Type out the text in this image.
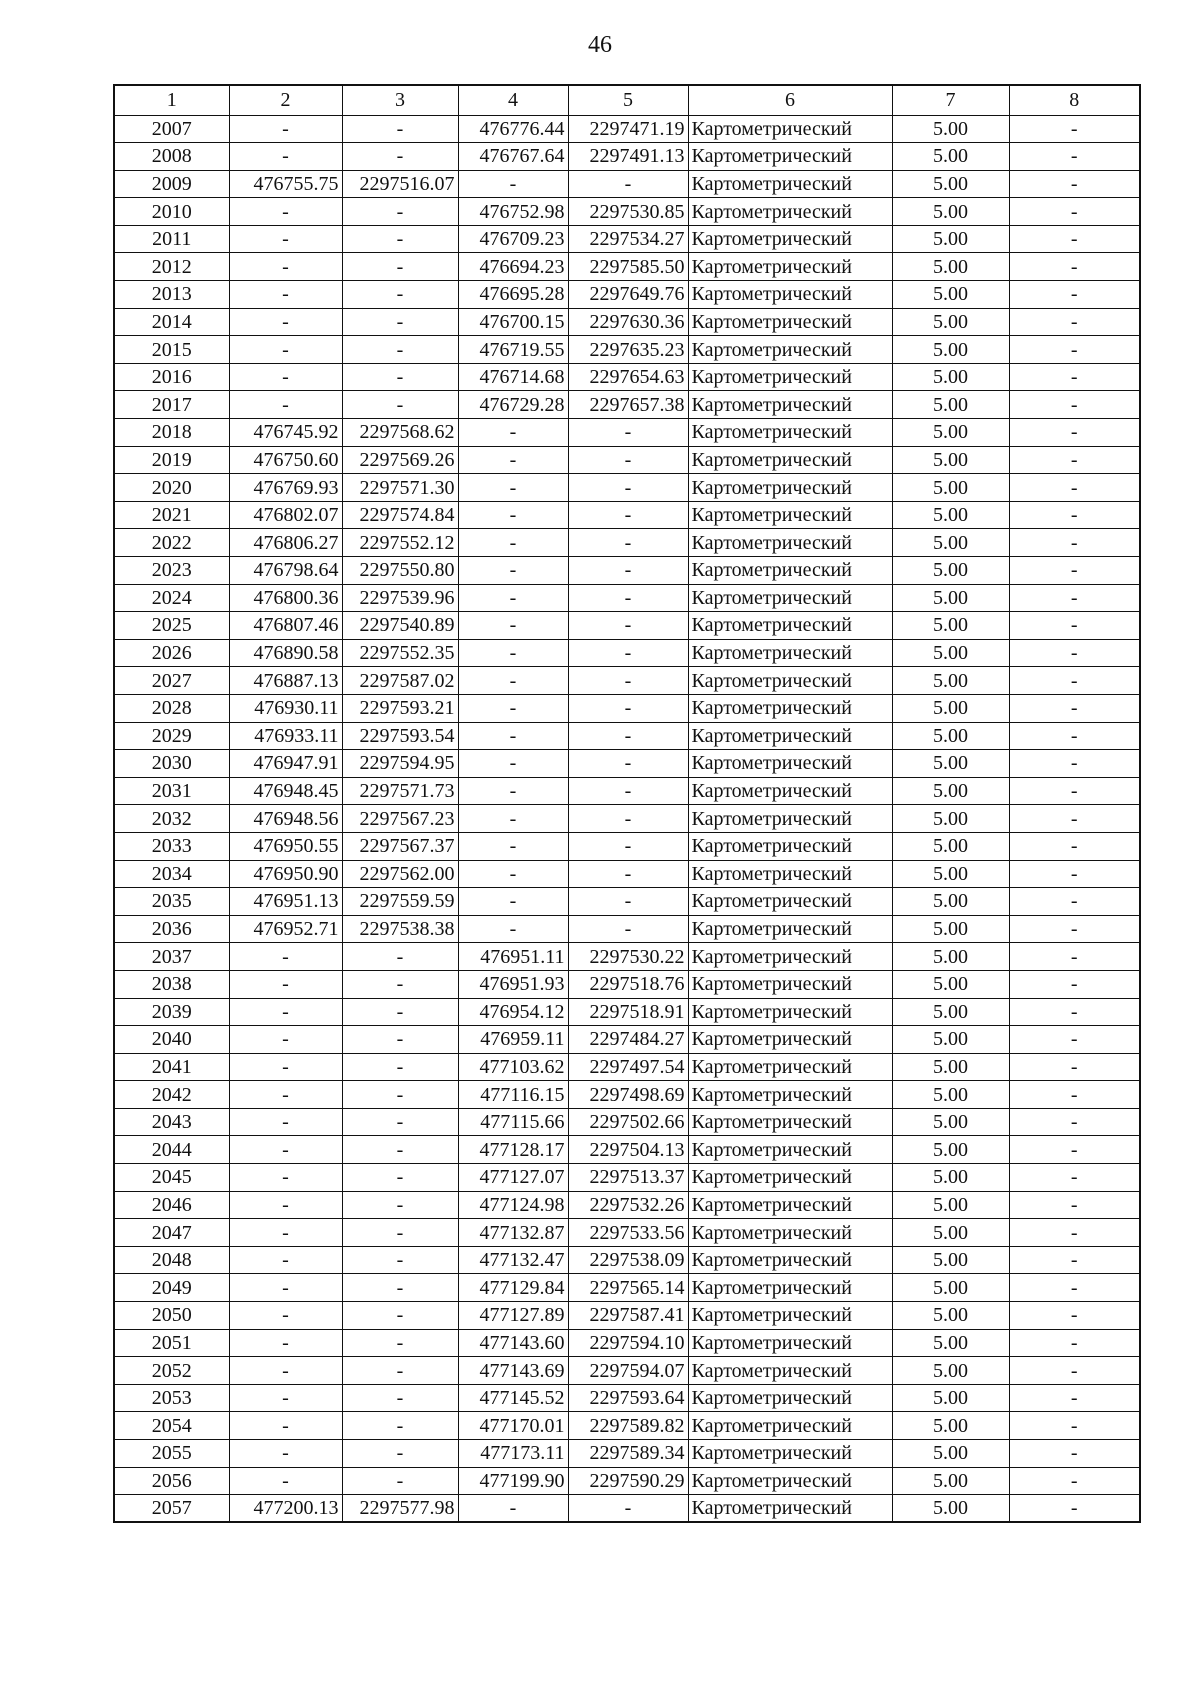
46
1	2	3	4	5	6	7	8
2007	-	-	476776.44	2297471.19	Картометрический	5.00	-
2008	-	-	476767.64	2297491.13	Картометрический	5.00	-
2009	476755.75	2297516.07	-	-	Картометрический	5.00	-
2010	-	-	476752.98	2297530.85	Картометрический	5.00	-
2011	-	-	476709.23	2297534.27	Картометрический	5.00	-
2012	-	-	476694.23	2297585.50	Картометрический	5.00	-
2013	-	-	476695.28	2297649.76	Картометрический	5.00	-
2014	-	-	476700.15	2297630.36	Картометрический	5.00	-
2015	-	-	476719.55	2297635.23	Картометрический	5.00	-
2016	-	-	476714.68	2297654.63	Картометрический	5.00	-
2017	-	-	476729.28	2297657.38	Картометрический	5.00	-
2018	476745.92	2297568.62	-	-	Картометрический	5.00	-
2019	476750.60	2297569.26	-	-	Картометрический	5.00	-
2020	476769.93	2297571.30	-	-	Картометрический	5.00	-
2021	476802.07	2297574.84	-	-	Картометрический	5.00	-
2022	476806.27	2297552.12	-	-	Картометрический	5.00	-
2023	476798.64	2297550.80	-	-	Картометрический	5.00	-
2024	476800.36	2297539.96	-	-	Картометрический	5.00	-
2025	476807.46	2297540.89	-	-	Картометрический	5.00	-
2026	476890.58	2297552.35	-	-	Картометрический	5.00	-
2027	476887.13	2297587.02	-	-	Картометрический	5.00	-
2028	476930.11	2297593.21	-	-	Картометрический	5.00	-
2029	476933.11	2297593.54	-	-	Картометрический	5.00	-
2030	476947.91	2297594.95	-	-	Картометрический	5.00	-
2031	476948.45	2297571.73	-	-	Картометрический	5.00	-
2032	476948.56	2297567.23	-	-	Картометрический	5.00	-
2033	476950.55	2297567.37	-	-	Картометрический	5.00	-
2034	476950.90	2297562.00	-	-	Картометрический	5.00	-
2035	476951.13	2297559.59	-	-	Картометрический	5.00	-
2036	476952.71	2297538.38	-	-	Картометрический	5.00	-
2037	-	-	476951.11	2297530.22	Картометрический	5.00	-
2038	-	-	476951.93	2297518.76	Картометрический	5.00	-
2039	-	-	476954.12	2297518.91	Картометрический	5.00	-
2040	-	-	476959.11	2297484.27	Картометрический	5.00	-
2041	-	-	477103.62	2297497.54	Картометрический	5.00	-
2042	-	-	477116.15	2297498.69	Картометрический	5.00	-
2043	-	-	477115.66	2297502.66	Картометрический	5.00	-
2044	-	-	477128.17	2297504.13	Картометрический	5.00	-
2045	-	-	477127.07	2297513.37	Картометрический	5.00	-
2046	-	-	477124.98	2297532.26	Картометрический	5.00	-
2047	-	-	477132.87	2297533.56	Картометрический	5.00	-
2048	-	-	477132.47	2297538.09	Картометрический	5.00	-
2049	-	-	477129.84	2297565.14	Картометрический	5.00	-
2050	-	-	477127.89	2297587.41	Картометрический	5.00	-
2051	-	-	477143.60	2297594.10	Картометрический	5.00	-
2052	-	-	477143.69	2297594.07	Картометрический	5.00	-
2053	-	-	477145.52	2297593.64	Картометрический	5.00	-
2054	-	-	477170.01	2297589.82	Картометрический	5.00	-
2055	-	-	477173.11	2297589.34	Картометрический	5.00	-
2056	-	-	477199.90	2297590.29	Картометрический	5.00	-
2057	477200.13	2297577.98	-	-	Картометрический	5.00	-
